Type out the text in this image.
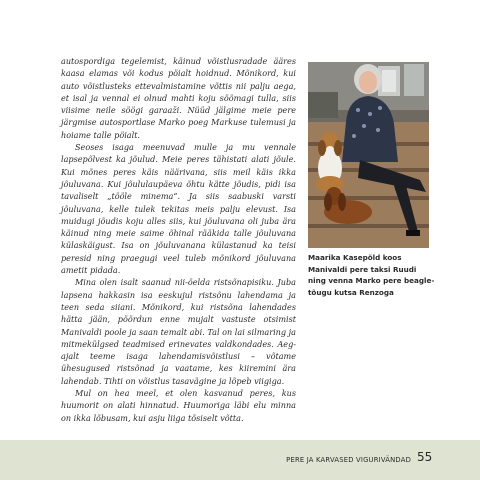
autospordiga tegelemist, käinud võistlusradade ääres kaasa elamas või kodus pöialt hoidnud. Mõnikord, kui auto võistlusteks ettevalmistamine võttis nii palju aega, et isal ja vennal ei olnud mahti koju söömagi tulla, siis viisime neile söögi garaaži. Nüüd jälgime meie pere järgmise autosportlase Marko poeg Markuse tulemusi ja hoiame talle pöialt.

Seoses isaga meenuvad mulle ja mu vennale lapsepõlvest ka jõulud. Meie peres tähistati alati jõule. Kui mõnes peres käis näärivana, siis meil käis ikka jõuluvana. Kui jõululaupäeva õhtu kätte jõudis, pidi isa tavaliselt „tööle minema“. Ja siis saabuski varsti jõuluvana, kelle tulek tekitas meis palju elevust. Isa muidugi jõudis koju alles siis, kui jõuluvana oli juba ära käinud ning meie saime õhinal rääkida talle jõuluvana külaskäigust. Isa on jõuluvanana külastanud ka teisi peresid ning praegugi veel tuleb mõnikord jõuluvana ametit pidada.

Mina olen isalt saanud nii-öelda ristsõnapisiku. Juba lapsena hakkasin isa eeskujul ristsõnu lahendama ja teen seda siiani. Mõnikord, kui ristsõna lahendades hätta jään, pöördun enne mujalt vastuste otsimist Manivaldi poole ja saan temalt abi. Tal on lai silmaring ja mitmekülgsed teadmised erinevates valdkondades. Aeg-ajalt teeme isaga lahendamisvõistlusi – võtame ühesugused ristsõnad ja vaatame, kes kiiremini ära lahendab. Tihti on võistlus tasavägine ja lõpeb viigiga.

Mul on hea meel, et olen kasvanud peres, kus huumorit on alati hinnatud. Huumoriga läbi elu minna on ikka lõbusam, kui asju liiga tõsiselt võtta.

Maarika Kasepõld koos Manivaldi pere taksi Ruudi ning venna Marko pere beagle-tõugu kutsa Renzoga
PERE JA KARVASED VIGURIVÄNDAD 55
